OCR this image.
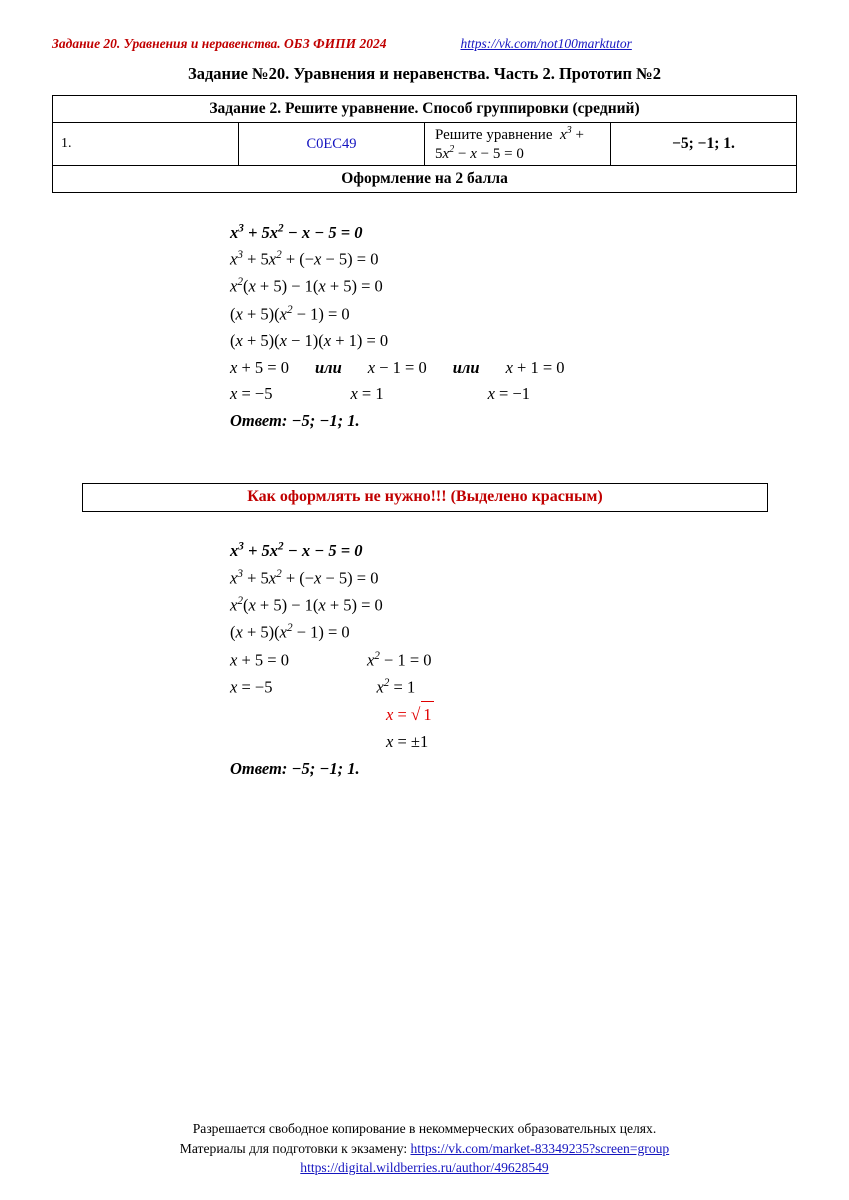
Задание 20. Уравнения и неравенства. ОБЗ ФИПИ 2024	https://vk.com/not100marktutor
Задание №20. Уравнения и неравенства. Часть 2. Прототип №2
Задание 2. Решите уравнение. Способ группировки (средний)
1.	C0EC49	Решите уравнение $x^3 + 5x^2 - x - 5 = 0$	−5; −1; 1.
Оформление на 2 балла
$x^3 + 5x^2 - x - 5 = 0$
$x^3 + 5x^2 + (-x - 5) = 0$
$x^2(x + 5) - 1(x + 5) = 0$
$(x + 5)(x^2 - 1) = 0$
(x + 5)(x − 1)(x + 1) = 0
x + 5 = 0 или x − 1 = 0 или x + 1 = 0
x = −5	x = 1	x = −1
Ответ: −5; −1; 1.
Как оформлять не нужно!!! (Выделено красным)
$x^3 + 5x^2 - x - 5 = 0$
$x^3 + 5x^2 + (-x - 5) = 0$
$x^2(x + 5) - 1(x + 5) = 0$
$(x + 5)(x^2 - 1) = 0$
x + 5 = 0	$x^2 - 1 = 0$
x = −5	$x^2 = 1$
x = √ 1
x = ±1
Ответ: −5; −1; 1.
Разрешается свободное копирование в некоммерческих образовательных целях.
Материалы для подготовки к экзамену: https://vk.com/market-83349235?screen=group
https://digital.wildberries.ru/author/49628549
